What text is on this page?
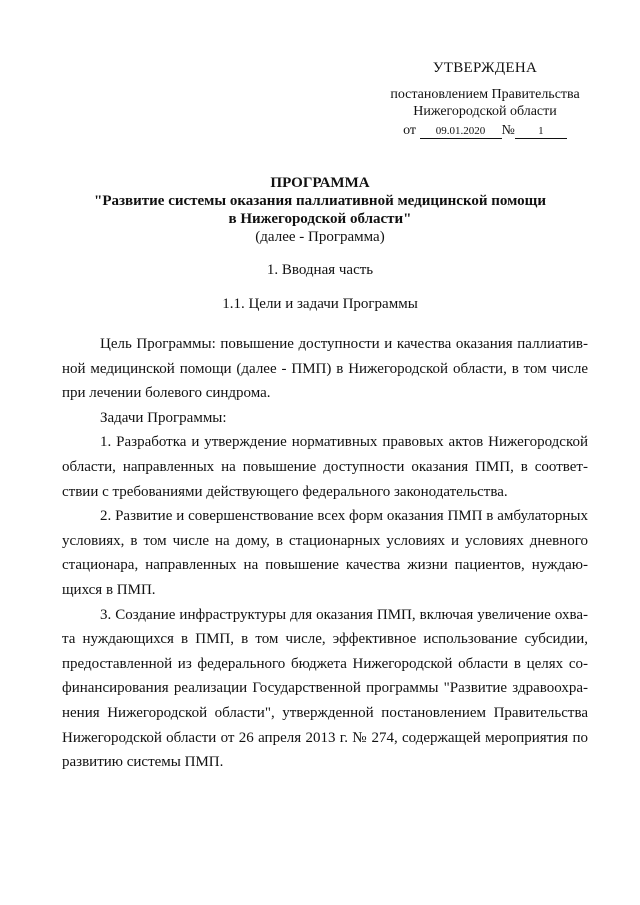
УТВЕРЖДЕНА
постановлением Правительства
Нижегородской области
от 09.01.2020 № 1
ПРОГРАММА
"Развитие системы оказания паллиативной медицинской помощи
в Нижегородской области"
(далее - Программа)
1. Вводная часть
1.1. Цели и задачи Программы

Цель Программы: повышение доступности и качества оказания паллиативной медицинской помощи (далее - ПМП) в Нижегородской области, в том числе при лечении болевого синдрома.

Задачи Программы:

1. Разработка и утверждение нормативных правовых актов Нижегородской области, направленных на повышение доступности оказания ПМП, в соответствии с требованиями действующего федерального законодательства.

2. Развитие и совершенствование всех форм оказания ПМП в амбулаторных условиях, в том числе на дому, в стационарных условиях и условиях дневного стационара, направленных на повышение качества жизни пациентов, нуждающихся в ПМП.

3. Создание инфраструктуры для оказания ПМП, включая увеличение охвата нуждающихся в ПМП, в том числе, эффективное использование субсидии, предоставленной из федерального бюджета Нижегородской области в целях софинансирования реализации Государственной программы "Развитие здравоохранения Нижегородской области", утвержденной постановлением Правительства Нижегородской области от 26 апреля 2013 г. № 274, содержащей мероприятия по развитию системы ПМП.
